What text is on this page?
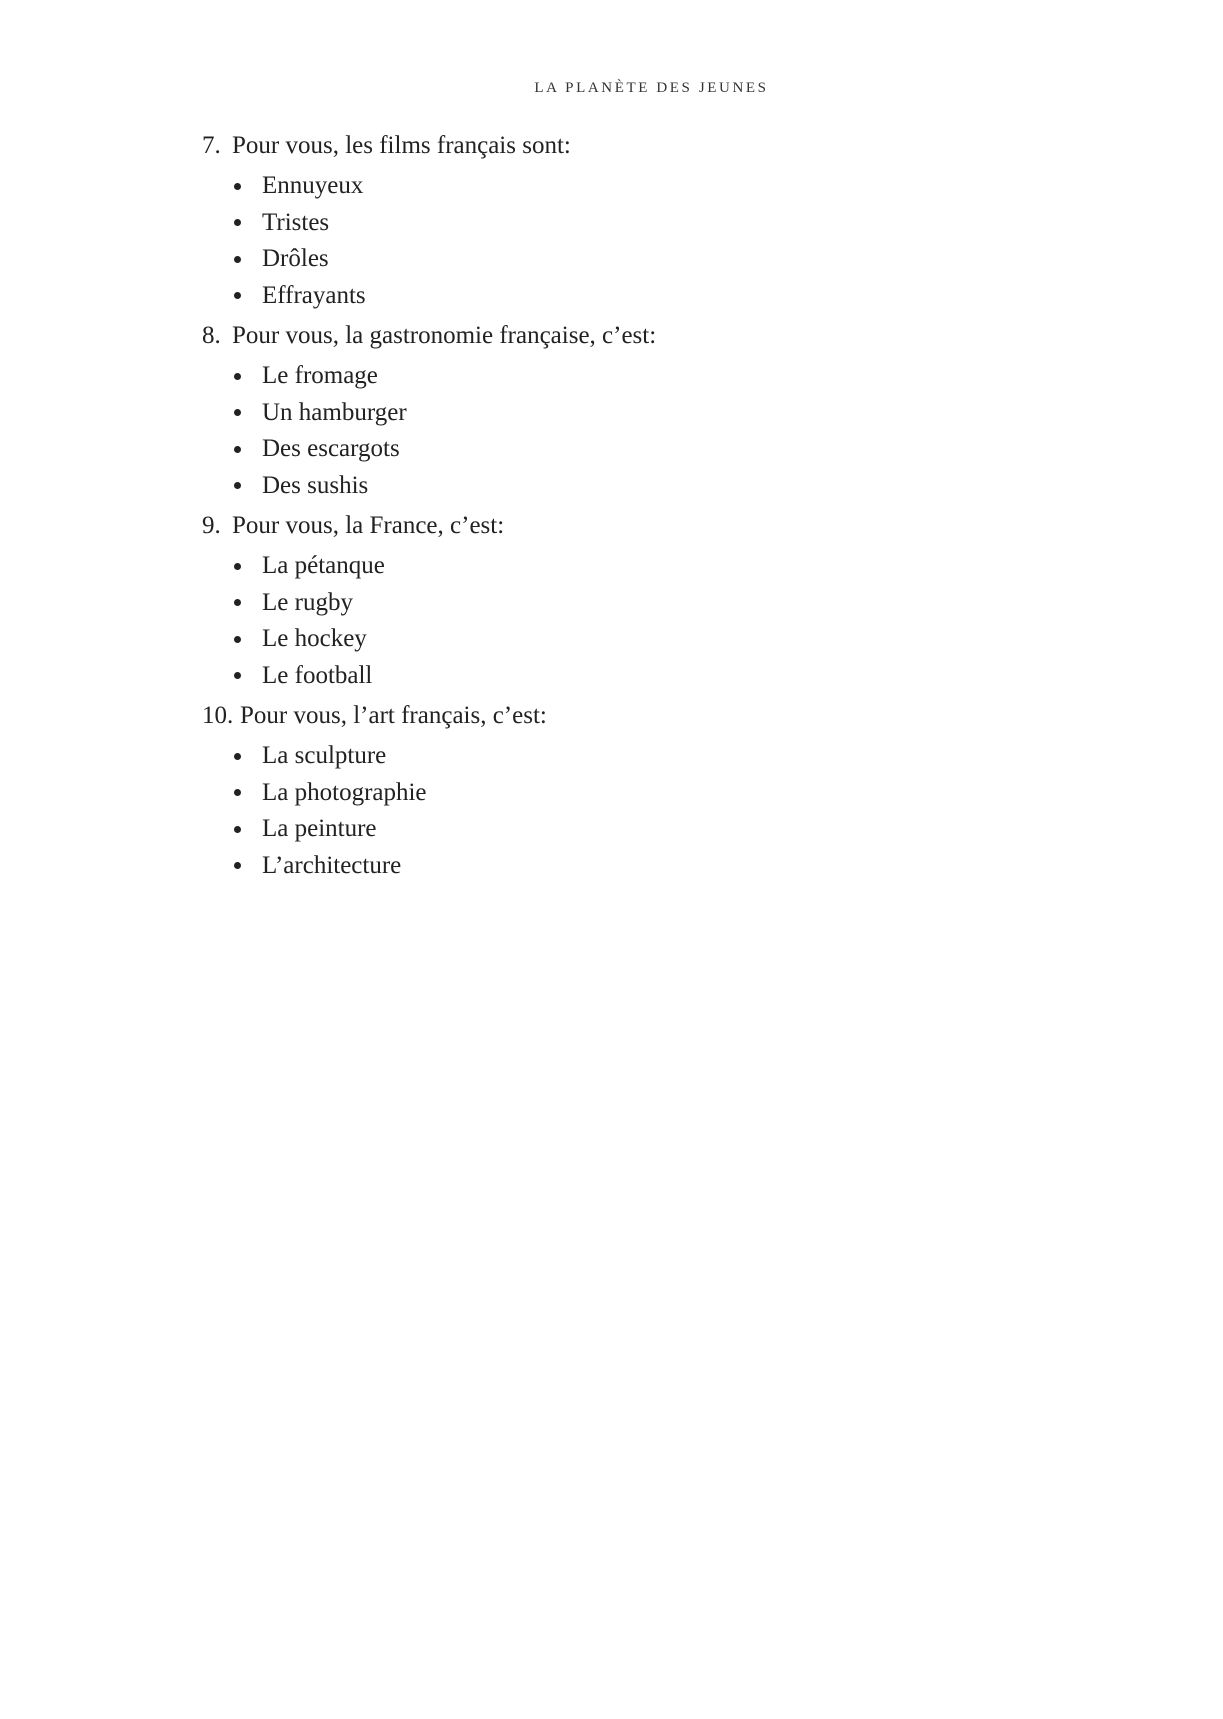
LA PLANÈTE DES JEUNES
7. Pour vous, les films français sont:
Ennuyeux
Tristes
Drôles
Effrayants
8. Pour vous, la gastronomie française, c’est:
Le fromage
Un hamburger
Des escargots
Des sushis
9. Pour vous, la France, c’est:
La pétanque
Le rugby
Le hockey
Le football
10. Pour vous, l’art français, c’est:
La sculpture
La photographie
La peinture
L’architecture
